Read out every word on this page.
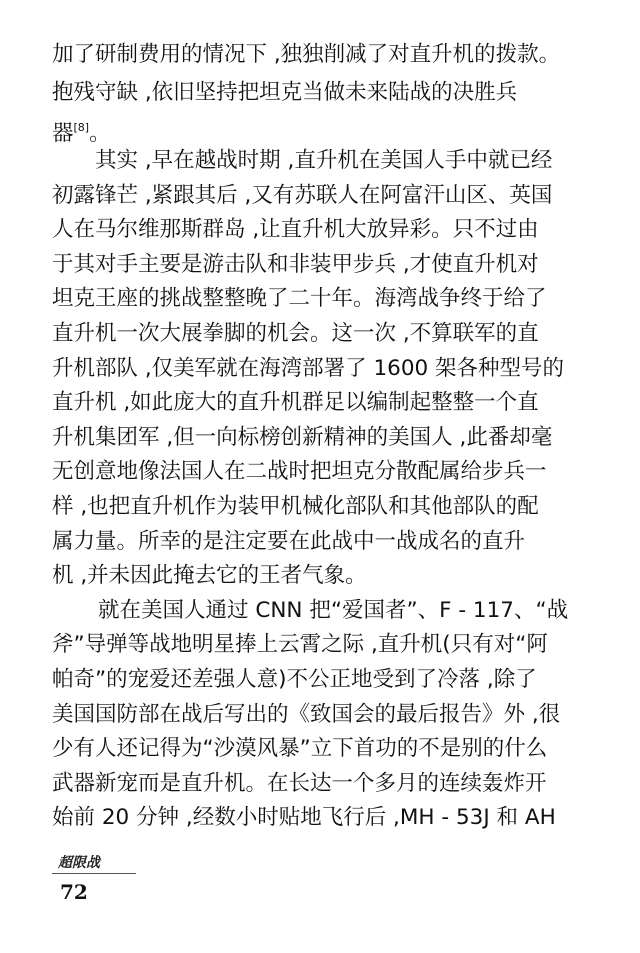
加了研制费用的情况下 ,独独削减了对直升机的拨款。
抱残守缺 ,依旧坚持把坦克当做未来陆战的决胜兵
器[8]。
其实 ,早在越战时期 ,直升机在美国人手中就已经
初露锋芒 ,紧跟其后 ,又有苏联人在阿富汗山区、英国
人在马尔维那斯群岛 ,让直升机大放异彩。只不过由
于其对手主要是游击队和非装甲步兵 ,才使直升机对
坦克王座的挑战整整晚了二十年。海湾战争终于给了
直升机一次大展拳脚的机会。这一次 ,不算联军的直
升机部队 ,仅美军就在海湾部署了 1600 架各种型号的
直升机 ,如此庞大的直升机群足以编制起整整一个直
升机集团军 ,但一向标榜创新精神的美国人 ,此番却毫
无创意地像法国人在二战时把坦克分散配属给步兵一
样 ,也把直升机作为装甲机械化部队和其他部队的配
属力量。所幸的是注定要在此战中一战成名的直升
机 ,并未因此掩去它的王者气象。
就在美国人通过 CNN 把“爱国者”、F - 117、“战
斧”导弹等战地明星捧上云霄之际 ,直升机(只有对“阿
帕奇”的宠爱还差强人意)不公正地受到了冷落 ,除了
美国国防部在战后写出的《致国会的最后报告》外 ,很
少有人还记得为“沙漠风暴”立下首功的不是别的什么
武器新宠而是直升机。在长达一个多月的连续轰炸开
始前 20 分钟 ,经数小时贴地飞行后 ,MH - 53J 和 AH
超限战
72
